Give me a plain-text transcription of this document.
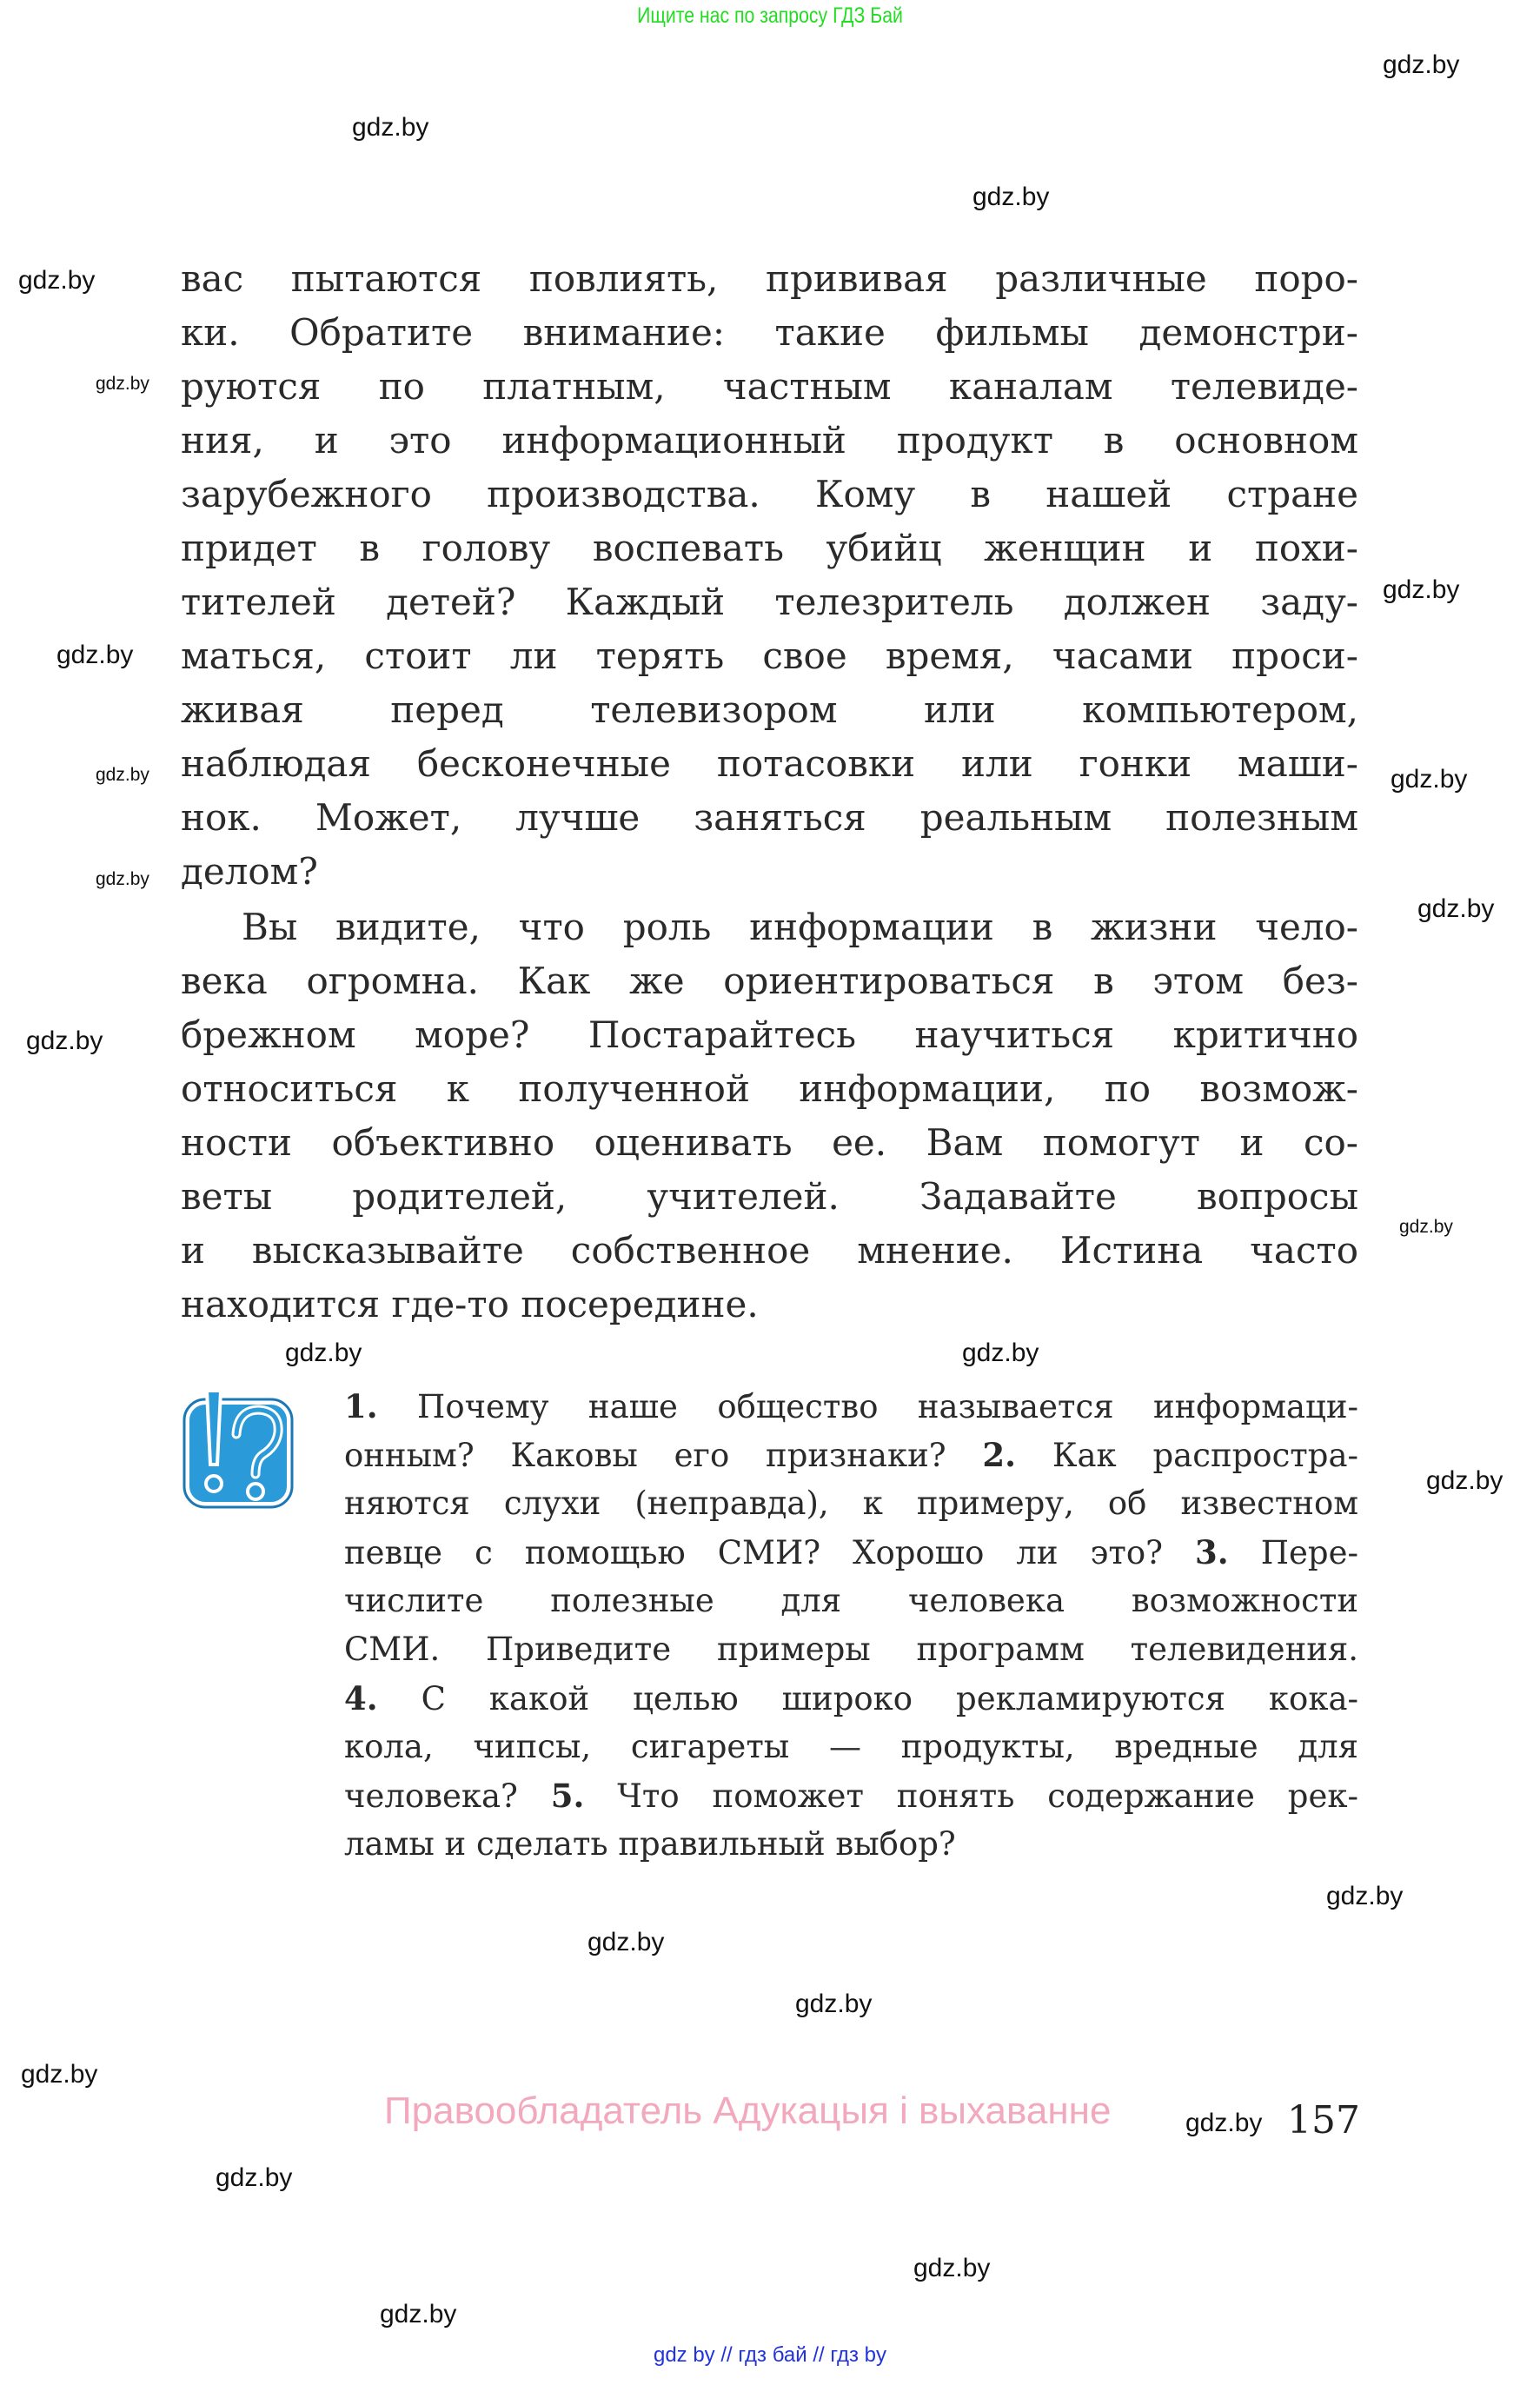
Ищите нас по запросу ГДЗ Бай
gdz.by
gdz.by
gdz.by
gdz.by
gdz.by
gdz.by
gdz.by
gdz.by	gdz.by
gdz.by
gdz.by
gdz.by
gdz.by
gdz.by
gdz.by
gdz.by
gdz.by
gdz.by
gdz.by
gdz.by
gdz.by
gdz.by
gdz.by
gdz.by
вас пытаются повлиять, прививая различные поро-
ки. Обратите внимание: такие фильмы демонстри-
руются по платным, частным каналам телевиде-
ния, и это информационный продукт в основном
зарубежного производства. Кому в нашей стране
придет в голову воспевать убийц женщин и похи-
тителей детей? Каждый телезритель должен заду-
маться, стоит ли терять свое время, часами проси-
живая перед телевизором или компьютером,
наблюдая бесконечные потасовки или гонки маши-
нок. Может, лучше заняться реальным полезным
делом?
Вы видите, что роль информации в жизни чело-
века огромна. Как же ориентироваться в этом без-
брежном море? Постарайтесь научиться критично
относиться к полученной информации, по возмож-
ности объективно оценивать ее. Вам помогут и со-
веты родителей, учителей. Задавайте вопросы
и высказывайте собственное мнение. Истина часто
находится где-то посередине.
1. Почему наше общество называется информаци-
онным? Каковы его признаки? 2. Как распростра-
няются слухи (неправда), к примеру, об известном
певце с помощью СМИ? Хорошо ли это? 3. Пере-
числите полезные для человека возможности
СМИ. Приведите примеры программ телевидения.
4. С какой целью широко рекламируются кока-
кола, чипсы, сигареты — продукты, вредные для
человека? 5. Что поможет понять содержание рек-
ламы и сделать правильный выбор?
Правообладатель Адукацыя і выхаванне	157
gdz by // гдз бай // гдз by
